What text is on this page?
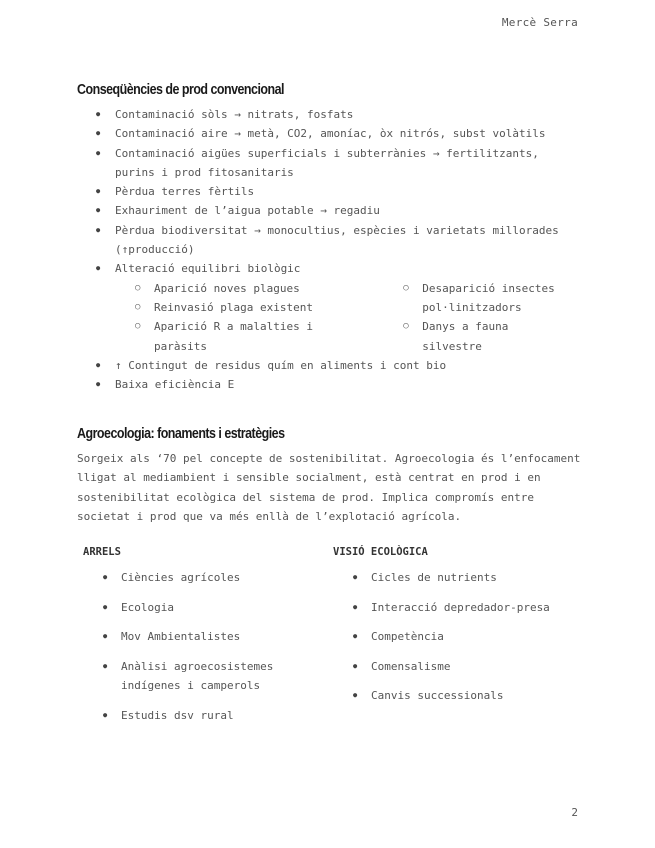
Mercè Serra
Conseqüències de prod convencional
● Contaminació sòls → nitrats, fosfats
● Contaminació aire → metà, CO2, amoníac, òx nitrós, subst volàtils
● Contaminació aigües superficials i subterrànies → fertilitzants, purins i prod fitosanitaris
● Pèrdua terres fèrtils
● Exhauriment de l’aigua potable → regadiu
● Pèrdua biodiversitat → monocultius, espècies i varietats millorades (↑producció)
● Alteració equilibri biològic
○ Aparició noves plagues
○ Reinvasió plaga existent
○ Aparició R a malalties i paràsits
○ Desaparició insectes pol·linitzadors
○ Danys a fauna silvestre
● ↑ Contingut de residus quím en aliments i cont bio
● Baixa eficiència E
Agroecologia: fonaments i estratègies

Sorgeix als ‘70 pel concepte de sostenibilitat. Agroecologia és l’enfocament lligat al mediambient i sensible socialment, està centrat en prod i en sostenibilitat ecològica del sistema de prod. Implica compromís entre societat i prod que va més enllà de l’explotació agrícola.

ARRELS
● Ciències agrícoles
● Ecologia
● Mov Ambientalistes
● Anàlisi agroecosistemes indígenes i camperols
● Estudis dsv rural
VISIÓ ECOLÒGICA
● Cicles de nutrients
● Interacció depredador-presa
● Competència
● Comensalisme
● Canvis successionals
2
